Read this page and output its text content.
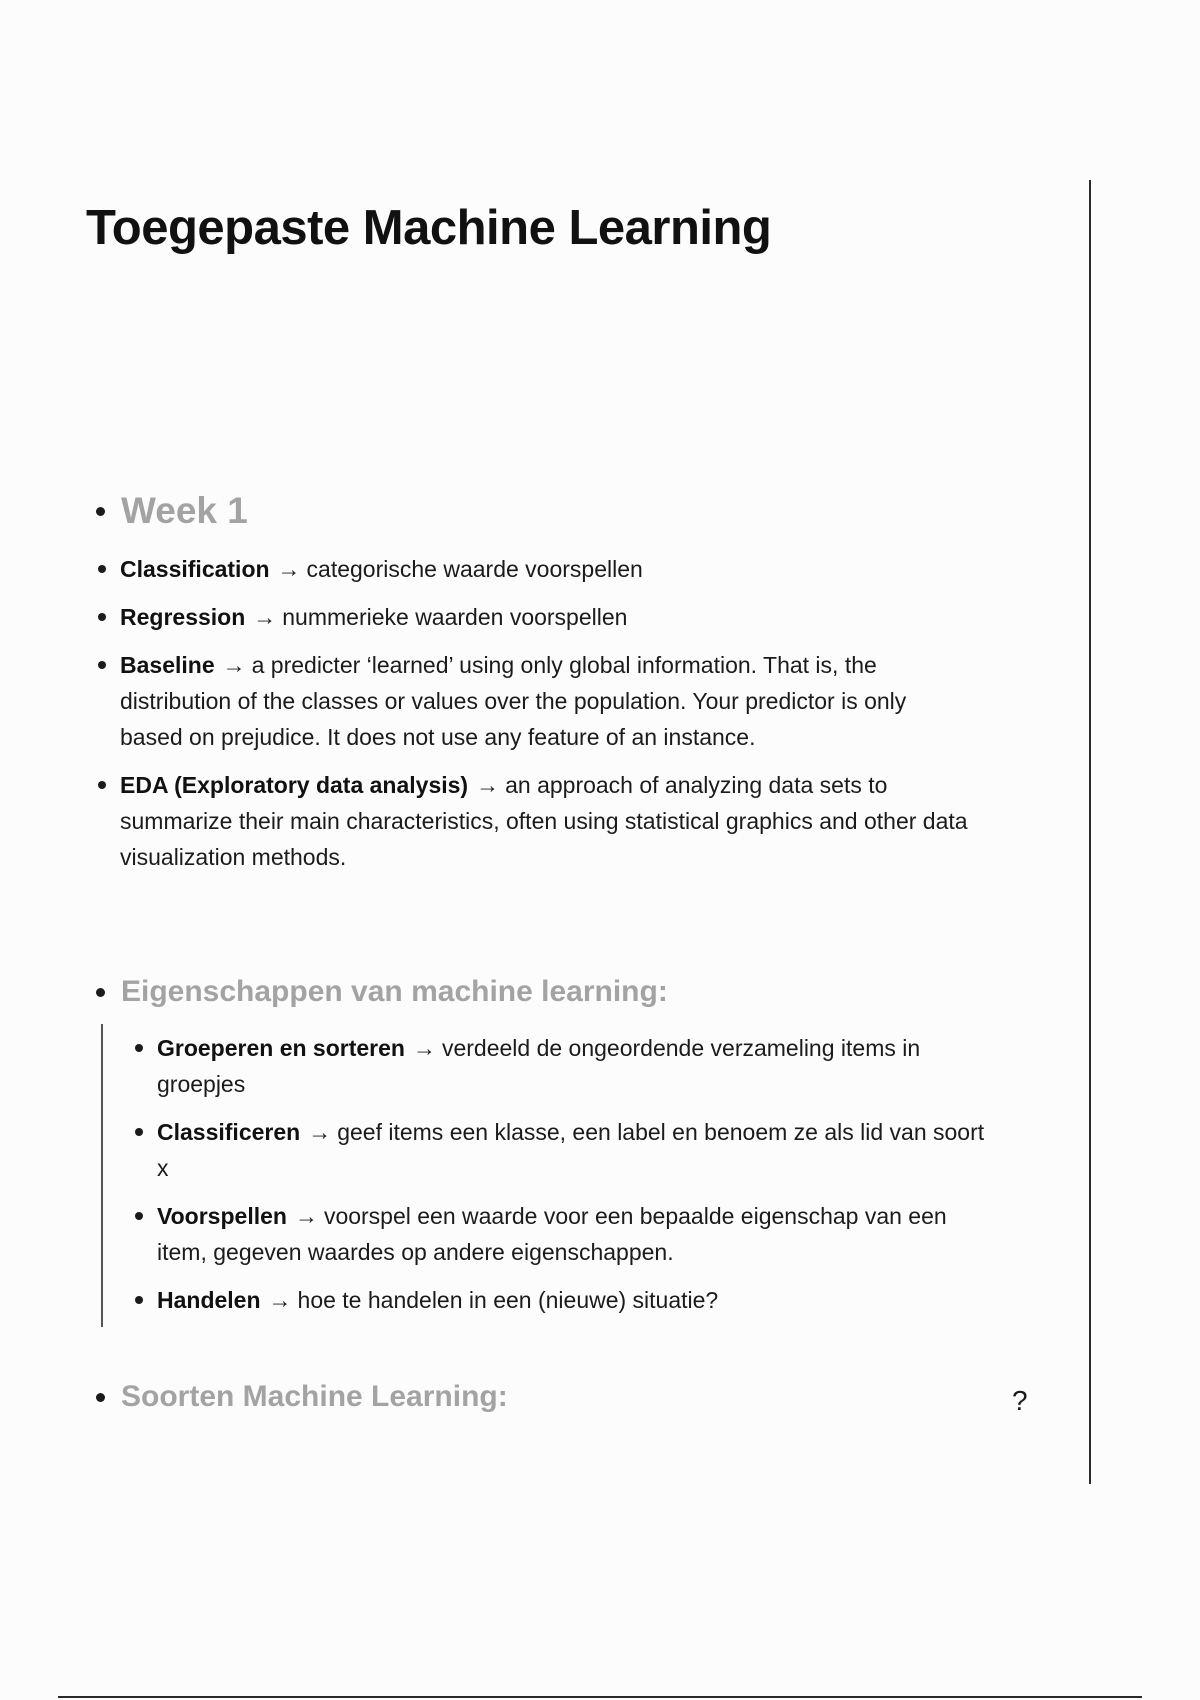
Toegepaste Machine Learning
Week 1
Classification → categorische waarde voorspellen
Regression → nummerieke waarden voorspellen
Baseline → a predicter ‘learned’ using only global information. That is, the distribution of the classes or values over the population. Your predictor is only based on prejudice. It does not use any feature of an instance.
EDA (Exploratory data analysis) → an approach of analyzing data sets to summarize their main characteristics, often using statistical graphics and other data visualization methods.
Eigenschappen van machine learning:
Groeperen en sorteren → verdeeld de ongeordende verzameling items in groepjes
Classificeren → geef items een klasse, een label en benoem ze als lid van soort x
Voorspellen → voorspel een waarde voor een bepaalde eigenschap van een item, gegeven waardes op andere eigenschappen.
Handelen → hoe te handelen in een (nieuwe) situatie?
Soorten Machine Learning:	?
